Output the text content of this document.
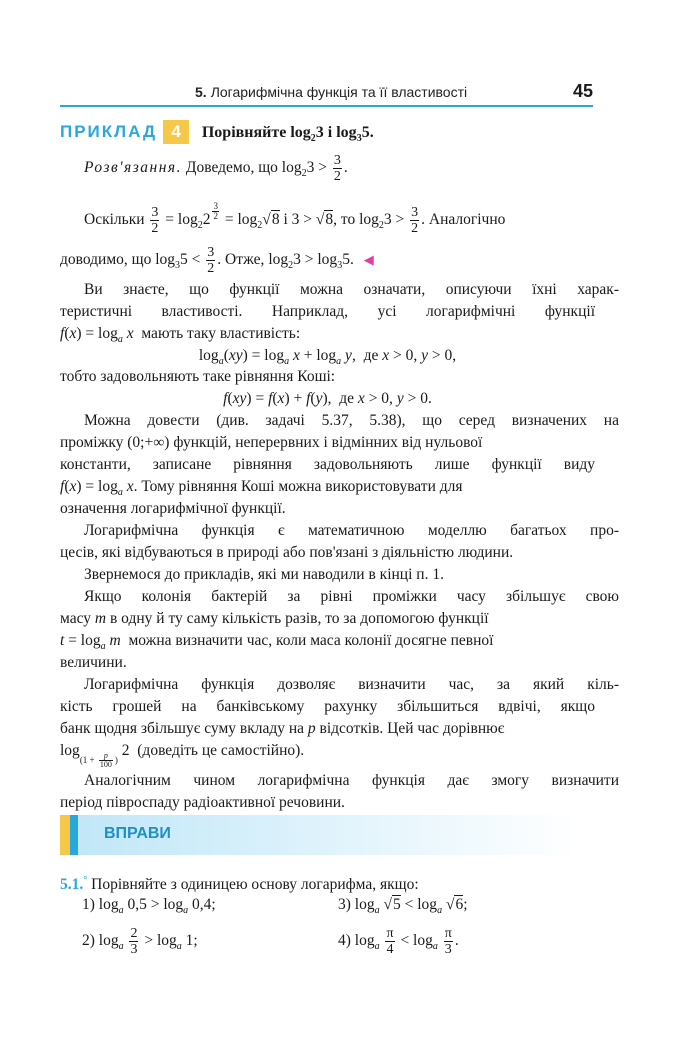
5. Логарифмічна функція та її властивості	45
ПРИКЛАД 4 Порівняйте $\log_23$ і $\log_35$.
Розв'язання. Доведемо, що $\log_23 > \frac{3}{2}$ .
Оскільки $\frac{3}{2} = \log_22$ $^{\frac{3}{2}} = \log_2√8$ і 3 > √8, то $\log_23 > \frac{3}{2}$ . Аналогічно
доводимо, що $\log_35 < \frac{3}{2}$ . Отже, $\log_23 > \log_35$. ◀
Ви знаєте, що функції можна означати, описуючи їхні харак-
теристичні властивості. Наприклад, усі логарифмічні функції
$f(x) = \log_a x$ мають таку властивість:
$\log_a(xy) = \log_a x + \log_a y$,  де x > 0, y > 0,
тобто задовольняють таке рівняння Коші:
f(xy) = f(x) + f(y),  де x > 0, y > 0.
Можна довести (див. задачі 5.37, 5.38), що серед визначених на
проміжку (0;+∞) функцій, неперервних і відмінних від нульової
константи, записане рівняння задовольняють лише функції виду
$f(x) = \log_a x$. Тому рівняння Коші можна використовувати для
означення логарифмічної функції.
Логарифмічна функція є математичною моделлю багатьох про-
цесів, які відбуваються в природі або пов'язані з діяльністю людини.
Звернемося до прикладів, які ми наводили в кінці п. 1.
Якщо колонія бактерій за рівні проміжки часу збільшує свою
масу m в одну й ту саму кількість разів, то за допомогою функції
$t = \log_a m$ можна визначити час, коли маса колонії досягне певної
величини.
Логарифмічна функція дозволяє визначити час, за який кіль-
кість грошей на банківському рахунку збільшиться вдвічі, якщо
банк щодня збільшує суму вкладу на p відсотків. Цей час дорівнює
$\log_{(1 + \frac{p}{100} )} 2$  (доведіть це самостійно).
Аналогічним чином логарифмічна функція дає змогу визначити
період півроспаду радіоактивної речовини.
ВПРАВИ
5.1.° Порівняйте з одиницею основу логарифма, якщо:
1) $\log_a 0,5 > \log_a 0,4$;	3) $\log_a √5 < \log_a √6$;
2) $\log_a \frac{2}{3} > \log_a 1$;	4) $\log_a \frac{\pi}{4} < \log_a \frac{\pi}{3}$ .
